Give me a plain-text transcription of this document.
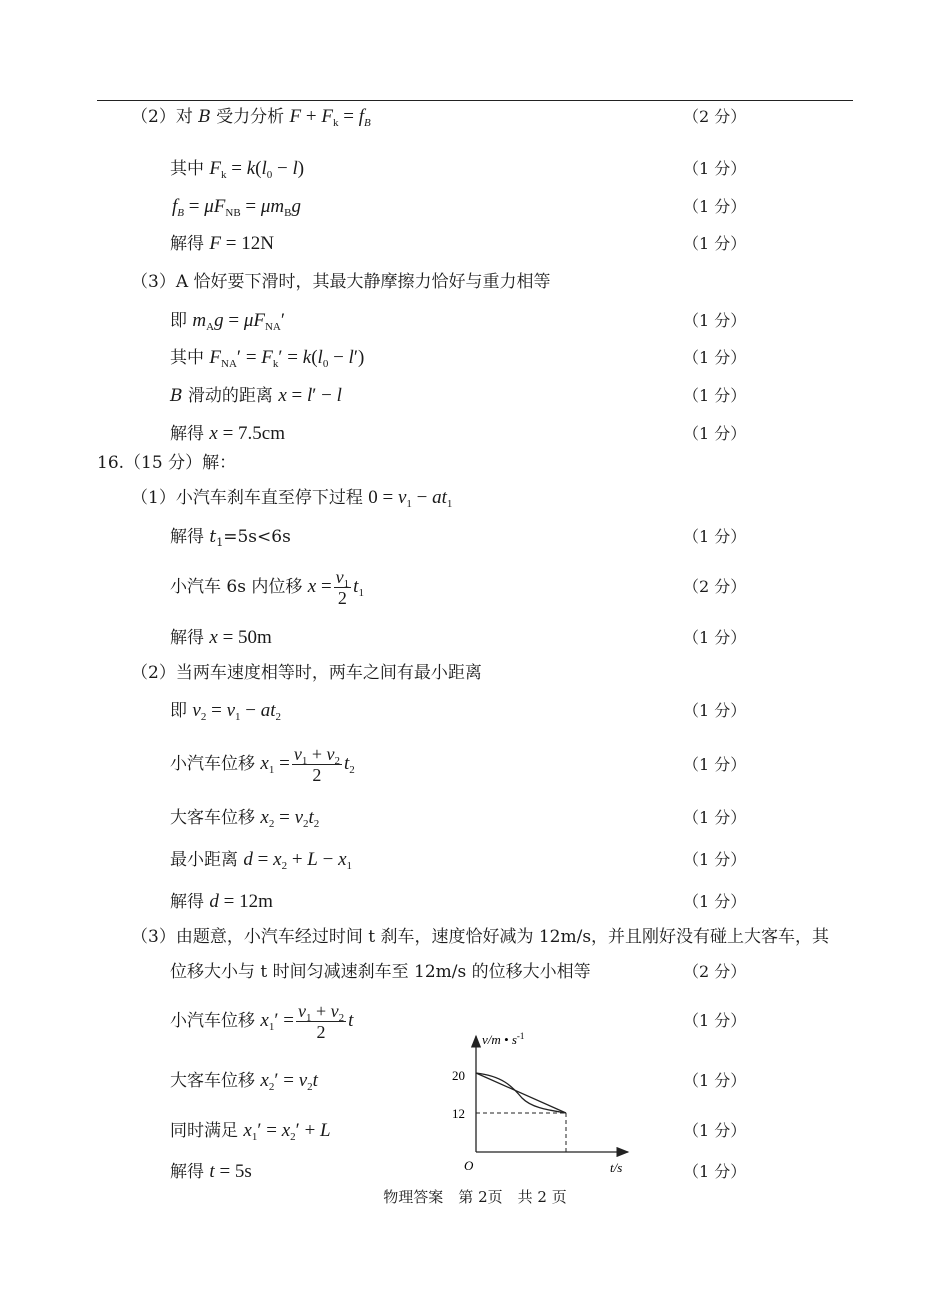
（2）对 B 受力分析 $F + F_k = f_B$	（2 分）
其中 $F_k = k(l_0 - l)$	（1 分）
$f_B = \mu F_{NB} = \mu m_Bg$	（1 分）
解得 F = 12N	（1 分）
（3）A 恰好要下滑时，其最大静摩擦力恰好与重力相等
即 $m_Ag = \mu F_{NA}'$	（1 分）
其中 $F_{NA}' = F_k' = k(l_0 - l')$	（1 分）
B 滑动的距离 x = l′ − l	（1 分）
解得 x = 7.5cm	（1 分）
16.（15 分）解：
（1）小汽车刹车直至停下过程 $0 = v_1 - at_1$
解得 $t_1=5s<6s$	（1 分）
小汽车 6s 内位移 $x = \frac{v_1}{2} t_1$	（2 分）
解得 x = 50m	（1 分）
（2）当两车速度相等时，两车之间有最小距离
即 $v_2 = v_1 - at_2$	（1 分）
小汽车位移 $x_1 = \frac{v_1 + v_2}{2} t_2$	（1 分）
大客车位移 $x_2 = v_2t_2$	（1 分）
最小距离 $d = x_2 + L - x_1$	（1 分）
解得 d = 12m	（1 分）
（3）由题意，小汽车经过时间 t 刹车，速度恰好减为 12m/s，并且刚好没有碰上大客车，其
位移大小与 t 时间匀减速刹车至 12m/s 的位移大小相等	（2 分）
小汽车位移 $x_1' = \frac{v_1 + v_2}{2}$ t	（1 分）
大客车位移 $x_2' = v_2t$	（1 分）
同时满足 $x_1' = x_2' + L$	（1 分）
解得 t = 5s	（1 分）
v/m • $s^{-1}$
t/s
O
20
12
物理答案　第 2页　共 2 页
